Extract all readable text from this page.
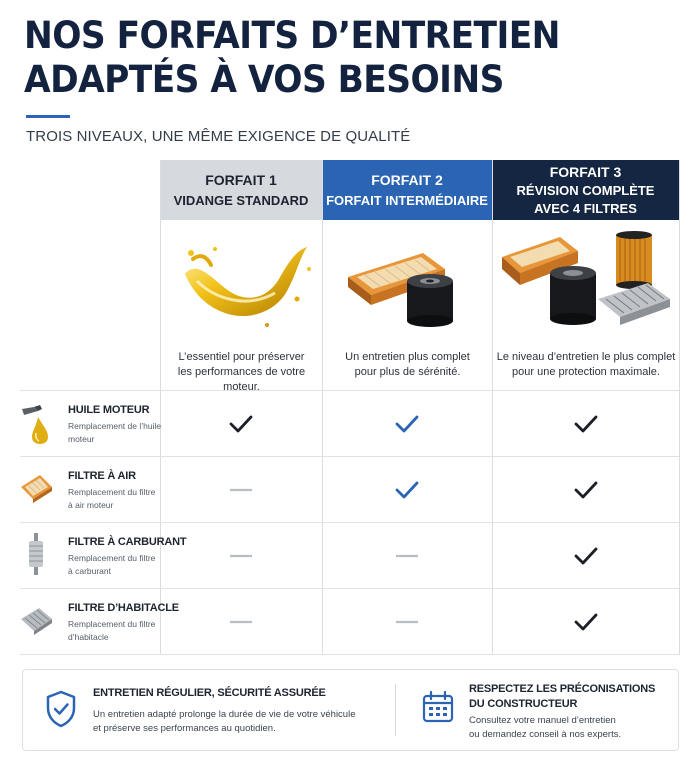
NOS FORFAITS D’ENTRETIEN
ADAPTÉS À VOS BESOINS
TROIS NIVEAUX, UNE MÊME EXIGENCE DE QUALITÉ
FORFAIT 1
VIDANGE STANDARD
FORFAIT 2
FORFAIT INTERMÉDIAIRE
FORFAIT 3
RÉVISION COMPLÈTE
AVEC 4 FILTRES
L’essentiel pour préserver
les performances de votre moteur.
Un entretien plus complet
pour plus de sérénité.
Le niveau d’entretien le plus complet
pour une protection maximale.
HUILE MOTEUR
Remplacement de l’huile
moteur
FILTRE À AIR
Remplacement du filtre
à air moteur
FILTRE À CARBURANT
Remplacement du filtre
à carburant
FILTRE D’HABITACLE
Remplacement du filtre
d’habitacle
ENTRETIEN RÉGULIER, SÉCURITÉ ASSURÉE
Un entretien adapté prolonge la durée de vie de votre véhicule
et préserve ses performances au quotidien.
RESPECTEZ LES PRÉCONISATIONS
DU CONSTRUCTEUR
Consultez votre manuel d’entretien
ou demandez conseil à nos experts.
